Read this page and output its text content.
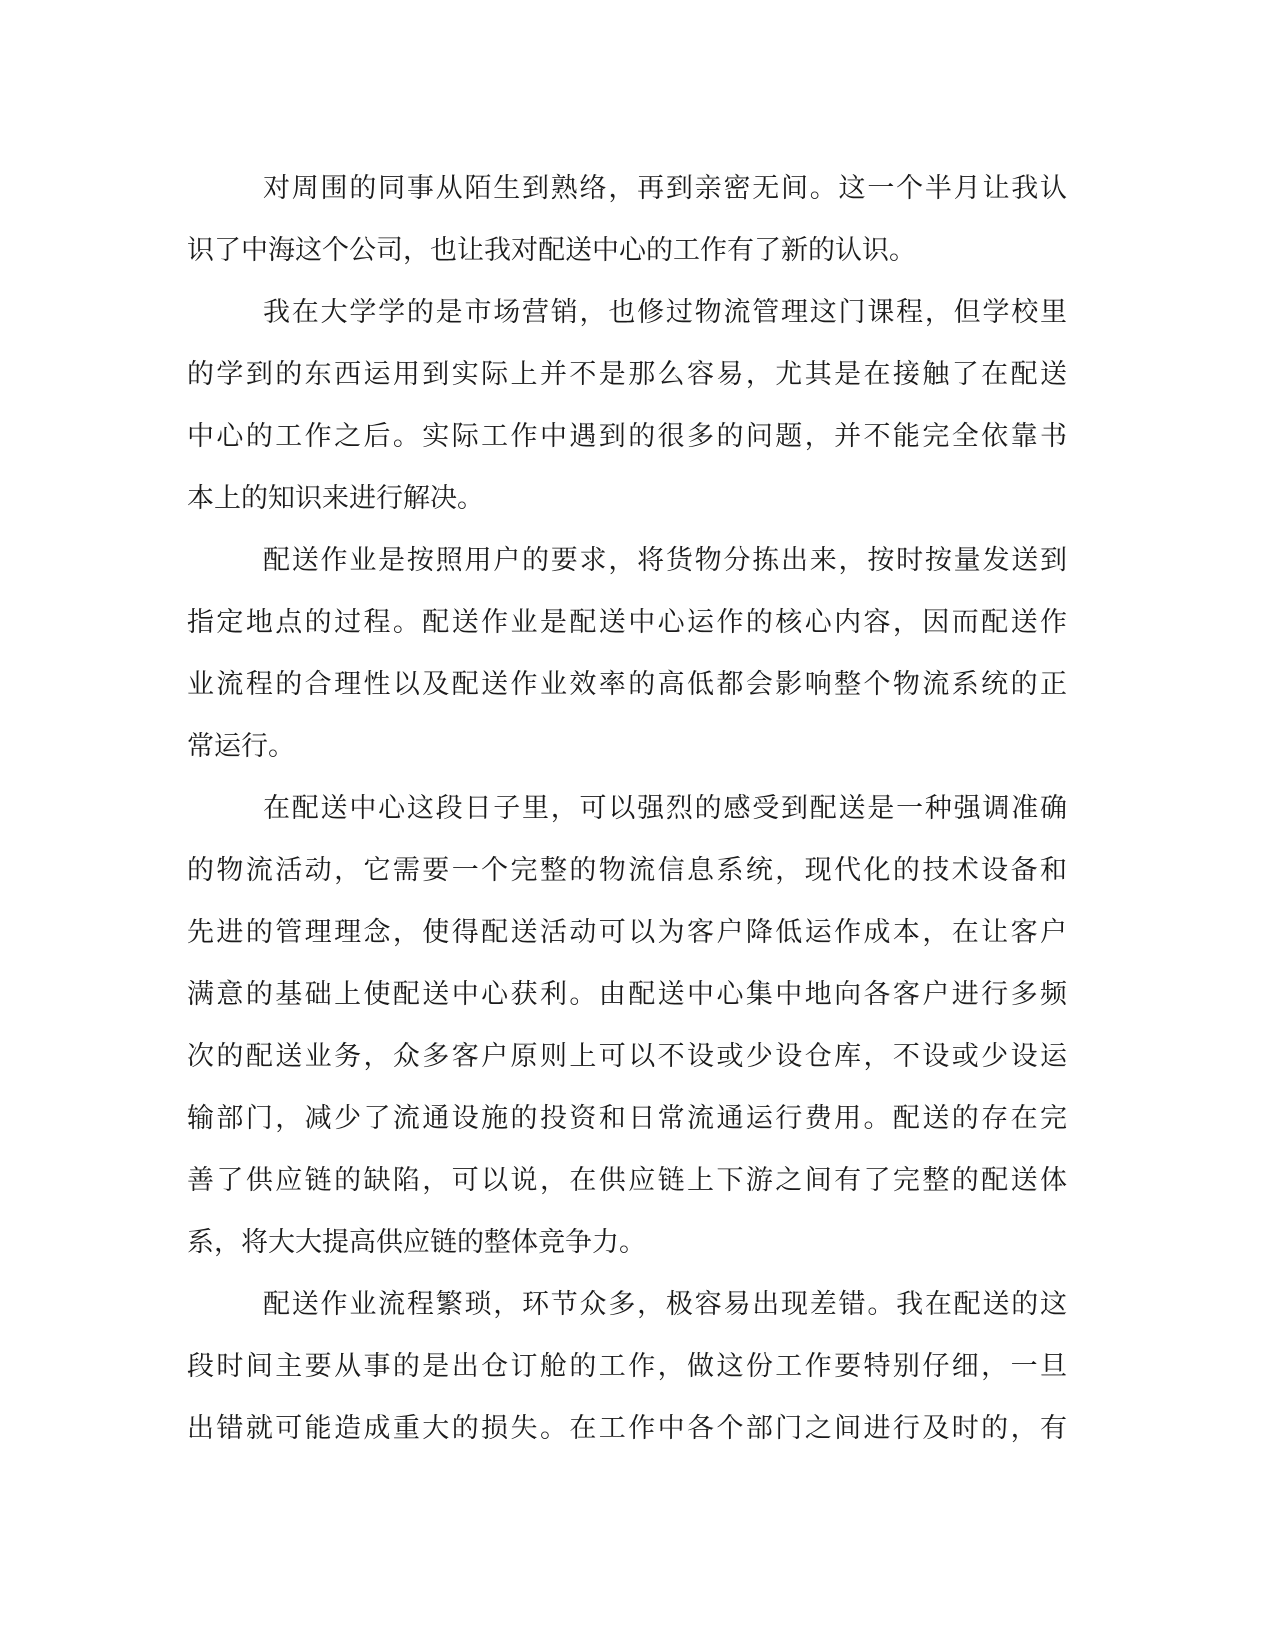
对周围的同事从陌生到熟络，再到亲密无间。这一个半月让我认
识了中海这个公司，也让我对配送中心的工作有了新的认识。
我在大学学的是市场营销，也修过物流管理这门课程，但学校里
的学到的东西运用到实际上并不是那么容易，尤其是在接触了在配送
中心的工作之后。实际工作中遇到的很多的问题，并不能完全依靠书
本上的知识来进行解决。
配送作业是按照用户的要求，将货物分拣出来，按时按量发送到
指定地点的过程。配送作业是配送中心运作的核心内容，因而配送作
业流程的合理性以及配送作业效率的高低都会影响整个物流系统的正
常运行。
在配送中心这段日子里，可以强烈的感受到配送是一种强调准确
的物流活动，它需要一个完整的物流信息系统，现代化的技术设备和
先进的管理理念，使得配送活动可以为客户降低运作成本，在让客户
满意的基础上使配送中心获利。由配送中心集中地向各客户进行多频
次的配送业务，众多客户原则上可以不设或少设仓库，不设或少设运
输部门，减少了流通设施的投资和日常流通运行费用。配送的存在完
善了供应链的缺陷，可以说，在供应链上下游之间有了完整的配送体
系，将大大提高供应链的整体竞争力。
配送作业流程繁琐，环节众多，极容易出现差错。我在配送的这
段时间主要从事的是出仓订舱的工作，做这份工作要特别仔细，一旦
出错就可能造成重大的损失。在工作中各个部门之间进行及时的，有
